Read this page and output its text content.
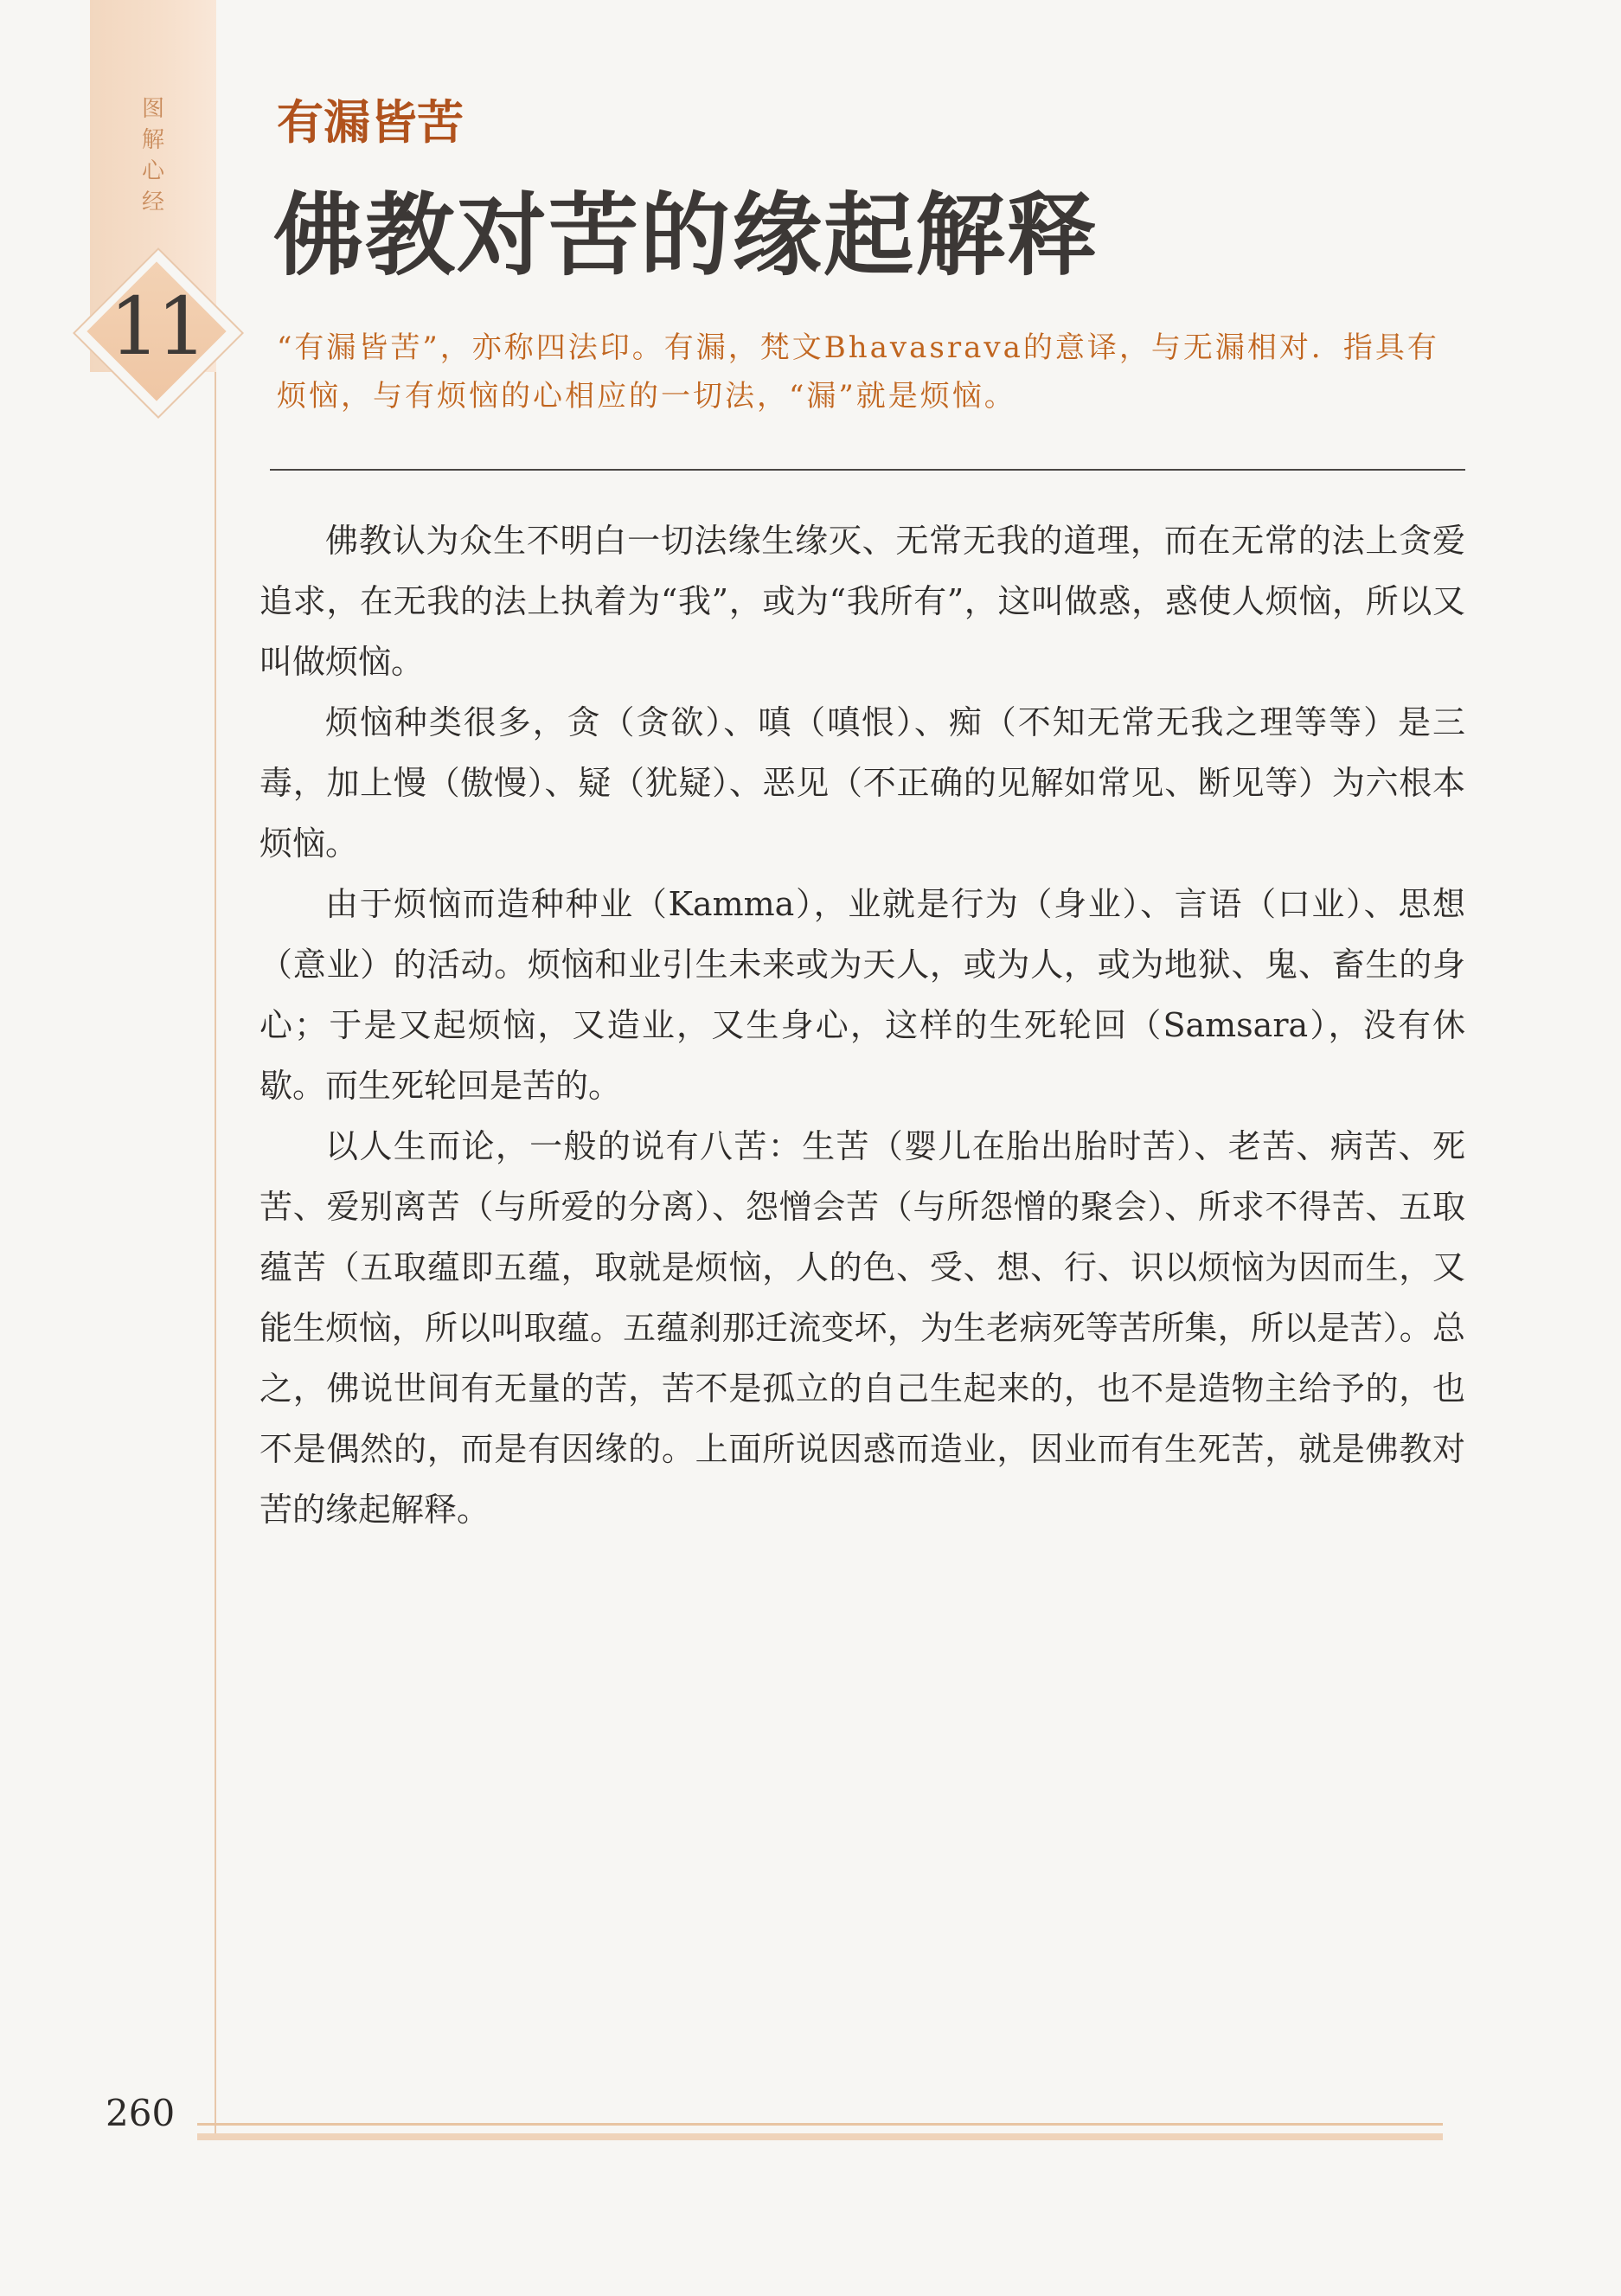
图
解
心
经
11
有漏皆苦
佛教对苦的缘起解释

“有漏皆苦”，亦称四法印。有漏，梵文Bhavasrava的意译，与无漏相对．指具有烦恼，与有烦恼的心相应的一切法，“漏”就是烦恼。

佛教认为众生不明白一切法缘生缘灭、无常无我的道理，而在无常的法上贪爱追求，在无我的法上执着为“我”，或为“我所有”，这叫做惑，惑使人烦恼，所以又叫做烦恼。

烦恼种类很多，贪（贪欲）、嗔（嗔恨）、痴（不知无常无我之理等等）是三毒，加上慢（傲慢）、疑（犹疑）、恶见（不正确的见解如常见、断见等）为六根本烦恼。

由于烦恼而造种种业（Kamma），业就是行为（身业）、言语（口业）、思想（意业）的活动。烦恼和业引生未来或为天人，或为人，或为地狱、鬼、畜生的身心；于是又起烦恼，又造业，又生身心，这样的生死轮回（Samsara），没有休歇。而生死轮回是苦的。

以人生而论，一般的说有八苦：生苦（婴儿在胎出胎时苦）、老苦、病苦、死苦、爱别离苦（与所爱的分离）、怨憎会苦（与所怨憎的聚会）、所求不得苦、五取蕴苦（五取蕴即五蕴，取就是烦恼，人的色、受、想、行、识以烦恼为因而生，又能生烦恼，所以叫取蕴。五蕴刹那迁流变坏，为生老病死等苦所集，所以是苦）。总之，佛说世间有无量的苦，苦不是孤立的自己生起来的，也不是造物主给予的，也不是偶然的，而是有因缘的。上面所说因惑而造业，因业而有生死苦，就是佛教对苦的缘起解释。

260
